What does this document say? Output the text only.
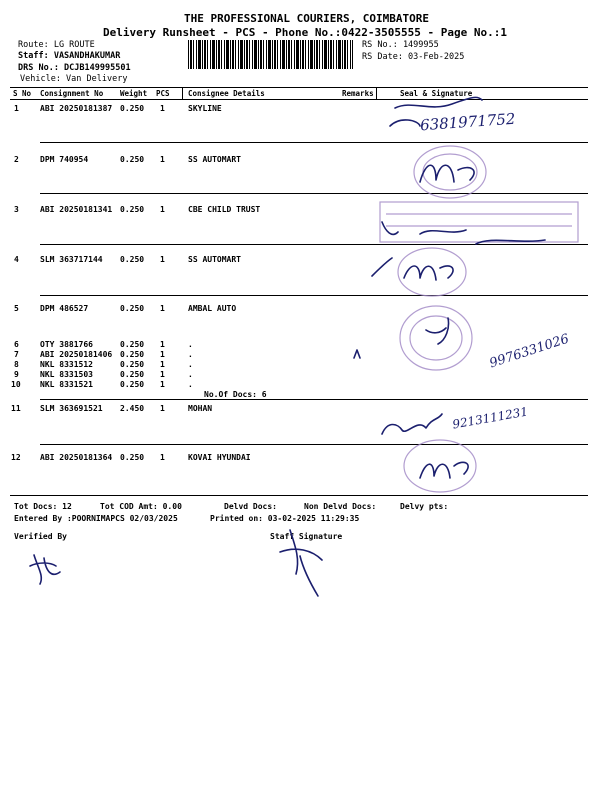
THE PROFESSIONAL COURIERS, COIMBATORE
Delivery Runsheet - PCS - Phone No.:0422-3505555 - Page No.:1
Route: LG ROUTE
Staff: VASANDHAKUMAR
DRS No.: DCJB149995501
Vehicle: Van Delivery
RS No.: 1499955
RS Date: 03-Feb-2025
S No Consignment No Weight PCS Consignee Details	Remarks	Seal & Signature
1	ABI 20250181387 0.250 1	SKYLINE
2	DPM 740954	0.250 1	SS AUTOMART
3	ABI 20250181341 0.250 1	CBE CHILD TRUST
4	SLM 363717144 0.250 1	SS AUTOMART
5	DPM 486527	0.250 1	AMBAL AUTO
6	OTY 3881766	0.250 1	.
7	ABI 20250181406 0.250 1	.
8	NKL 8331512	0.250 1	.
9	NKL 8331503	0.250 1	.
10 NKL 8331521	0.250 1	.
No.Of Docs: 6
11 SLM 363691521 2.450 1	MOHAN
12 ABI 20250181364 0.250 1	KOVAI HYUNDAI
Tot Docs: 12	Tot COD Amt: 0.00	Delvd Docs:	Non Delvd Docs:	Delvy pts:
Entered By :POORNIMAPCS 02/03/2025	Printed on: 03-02-2025 11:29:35
Verified By	Staff Signature
6381971752
9976331026
9213111231
